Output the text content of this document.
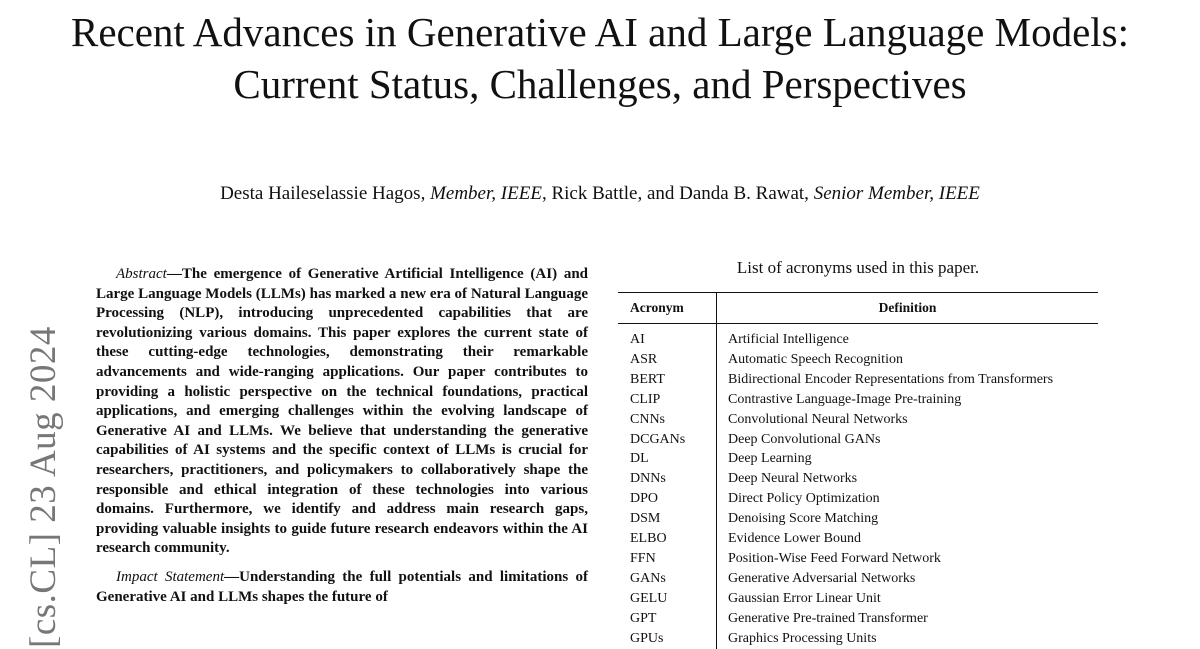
Recent Advances in Generative AI and Large Language Models: Current Status, Challenges, and Perspectives
Desta Haileselassie Hagos, Member, IEEE, Rick Battle, and Danda B. Rawat, Senior Member, IEEE
[cs.CL] 23 Aug 2024

Abstract—The emergence of Generative Artificial Intelligence (AI) and Large Language Models (LLMs) has marked a new era of Natural Language Processing (NLP), introducing unprecedented capabilities that are revolutionizing various domains. This paper explores the current state of these cutting-edge technologies, demonstrating their remarkable advancements and wide-ranging applications. Our paper contributes to providing a holistic perspective on the technical foundations, practical applications, and emerging challenges within the evolving landscape of Generative AI and LLMs. We believe that understanding the generative capabilities of AI systems and the specific context of LLMs is crucial for researchers, practitioners, and policymakers to collaboratively shape the responsible and ethical integration of these technologies into various domains. Furthermore, we identify and address main research gaps, providing valuable insights to guide future research endeavors within the AI research community.

Impact Statement—Understanding the full potentials and limitations of Generative AI and LLMs shapes the future of

List of acronyms used in this paper.
Acronym	Definition
AI	Artificial Intelligence
ASR	Automatic Speech Recognition
BERT	Bidirectional Encoder Representations from Transformers
CLIP	Contrastive Language-Image Pre-training
CNNs	Convolutional Neural Networks
DCGANs	Deep Convolutional GANs
DL	Deep Learning
DNNs	Deep Neural Networks
DPO	Direct Policy Optimization
DSM	Denoising Score Matching
ELBO	Evidence Lower Bound
FFN	Position-Wise Feed Forward Network
GANs	Generative Adversarial Networks
GELU	Gaussian Error Linear Unit
GPT	Generative Pre-trained Transformer
GPUs	Graphics Processing Units
